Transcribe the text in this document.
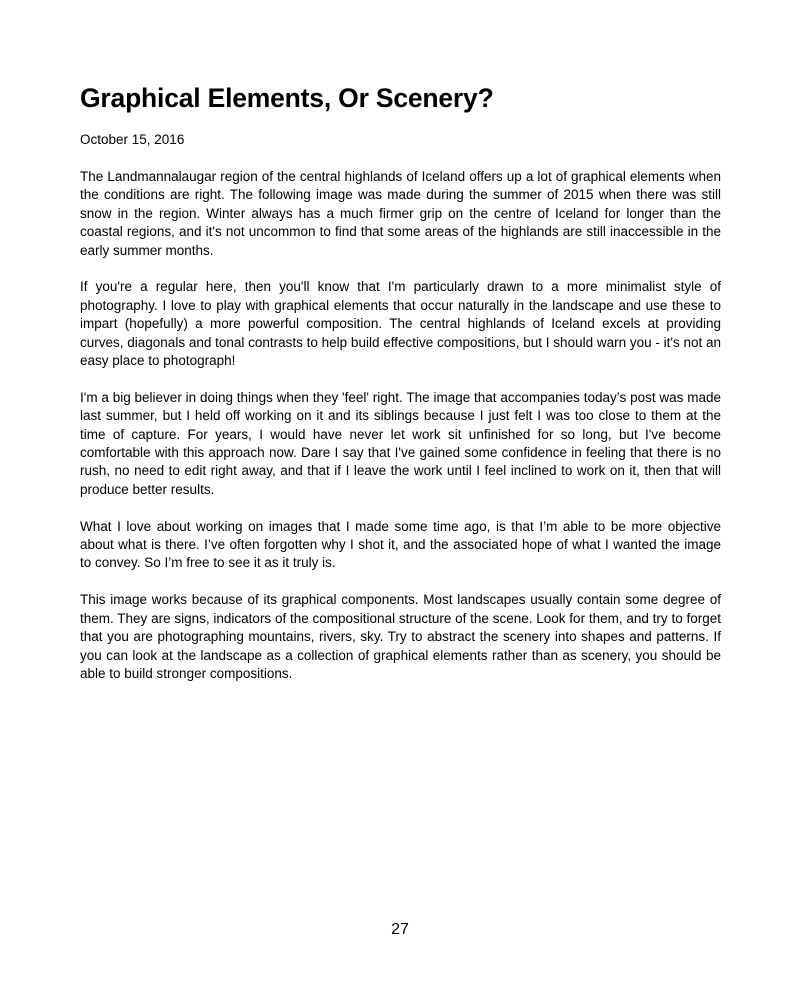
Graphical Elements, Or Scenery?
October 15, 2016

The Landmannalaugar region of the central highlands of Iceland offers up a lot of graphical elements when the conditions are right. The following image was made during the summer of 2015 when there was still snow in the region. Winter always has a much firmer grip on the centre of Iceland for longer than the coastal regions, and it's not uncommon to find that some areas of the highlands are still inaccessible in the early summer months.

If you're a regular here, then you'll know that I'm particularly drawn to a more minimalist style of photography. I love to play with graphical elements that occur naturally in the landscape and use these to impart (hopefully) a more powerful composition. The central highlands of Iceland excels at providing curves, diagonals and tonal contrasts to help build effective compositions, but I should warn you - it's not an easy place to photograph!

I'm a big believer in doing things when they 'feel' right. The image that accompanies today’s post was made last summer, but I held off working on it and its siblings because I just felt I was too close to them at the time of capture. For years, I would have never let work sit unfinished for so long, but I've become comfortable with this approach now. Dare I say that I've gained some confidence in feeling that there is no rush, no need to edit right away, and that if I leave the work until I feel inclined to work on it, then that will produce better results.

What I love about working on images that I made some time ago, is that I’m able to be more objective about what is there. I’ve often forgotten why I shot it, and the associated hope of what I wanted the image to convey. So I’m free to see it as it truly is.

This image works because of its graphical components. Most landscapes usually contain some degree of them. They are signs, indicators of the compositional structure of the scene. Look for them, and try to forget that you are photographing mountains, rivers, sky. Try to abstract the scenery into shapes and patterns. If you can look at the landscape as a collection of graphical elements rather than as scenery, you should be able to build stronger compositions.

27
